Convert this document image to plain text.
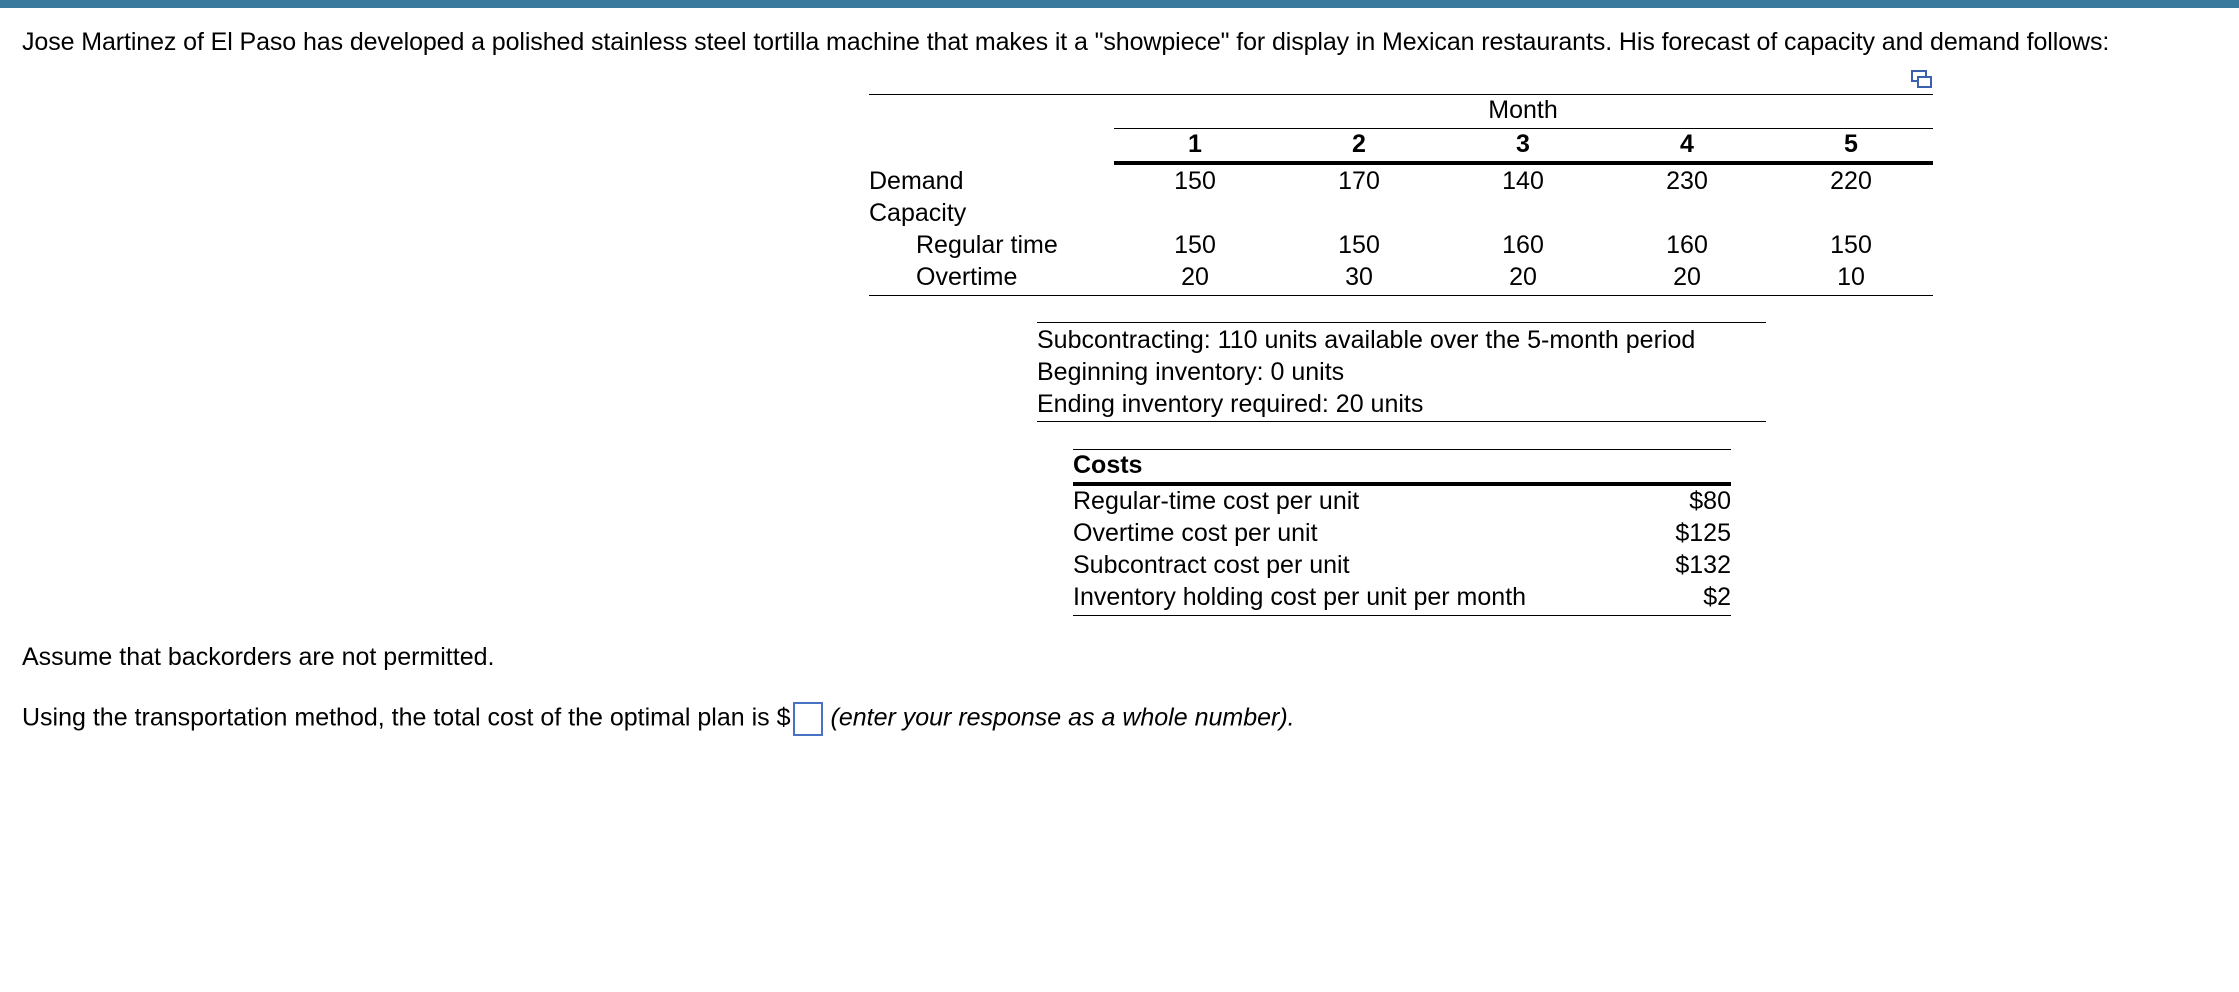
Jose Martinez of El Paso has developed a polished stainless steel tortilla machine that makes it a "showpiece" for display in Mexican restaurants. His forecast of capacity and demand follows:
Month
1	2	3	4	5
Demand	150	170	140	230	220
Capacity
Regular time	150	150	160	160	150
Overtime	20	30	20	20	10
Subcontracting: 110 units available over the 5-month period
Beginning inventory: 0 units
Ending inventory required: 20 units
Costs
Regular-time cost per unit	$80
Overtime cost per unit	$125
Subcontract cost per unit	$132
Inventory holding cost per unit per month	$2
Assume that backorders are not permitted.
Using the transportation method, the total cost of the optimal plan is $ (enter your response as a whole number).
